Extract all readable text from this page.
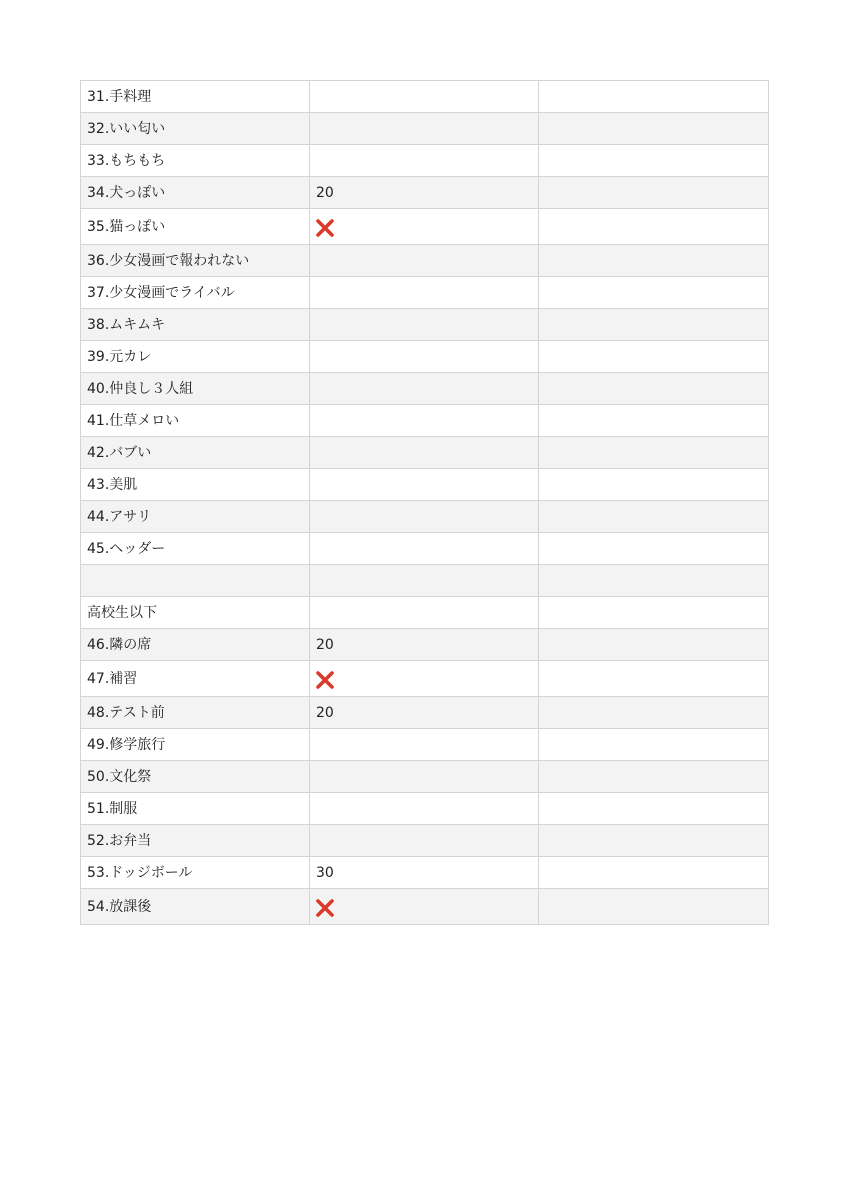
31.手料理		
32.いい匂い		
33.もちもち		
34.犬っぽい	20	
35.猫っぽい	

36.少女漫画で報われない		
37.少女漫画でライバル		
38.ムキムキ		
39.元カレ		
40.仲良し３人組		
41.仕草メロい		
42.バブい		
43.美肌		
44.アサリ		
45.ヘッダー		

高校生以下		
46.隣の席	20	
47.補習	

48.テスト前	20	
49.修学旅行		
50.文化祭		
51.制服		
52.お弁当		
53.ドッジボール	30	
54.放課後	
